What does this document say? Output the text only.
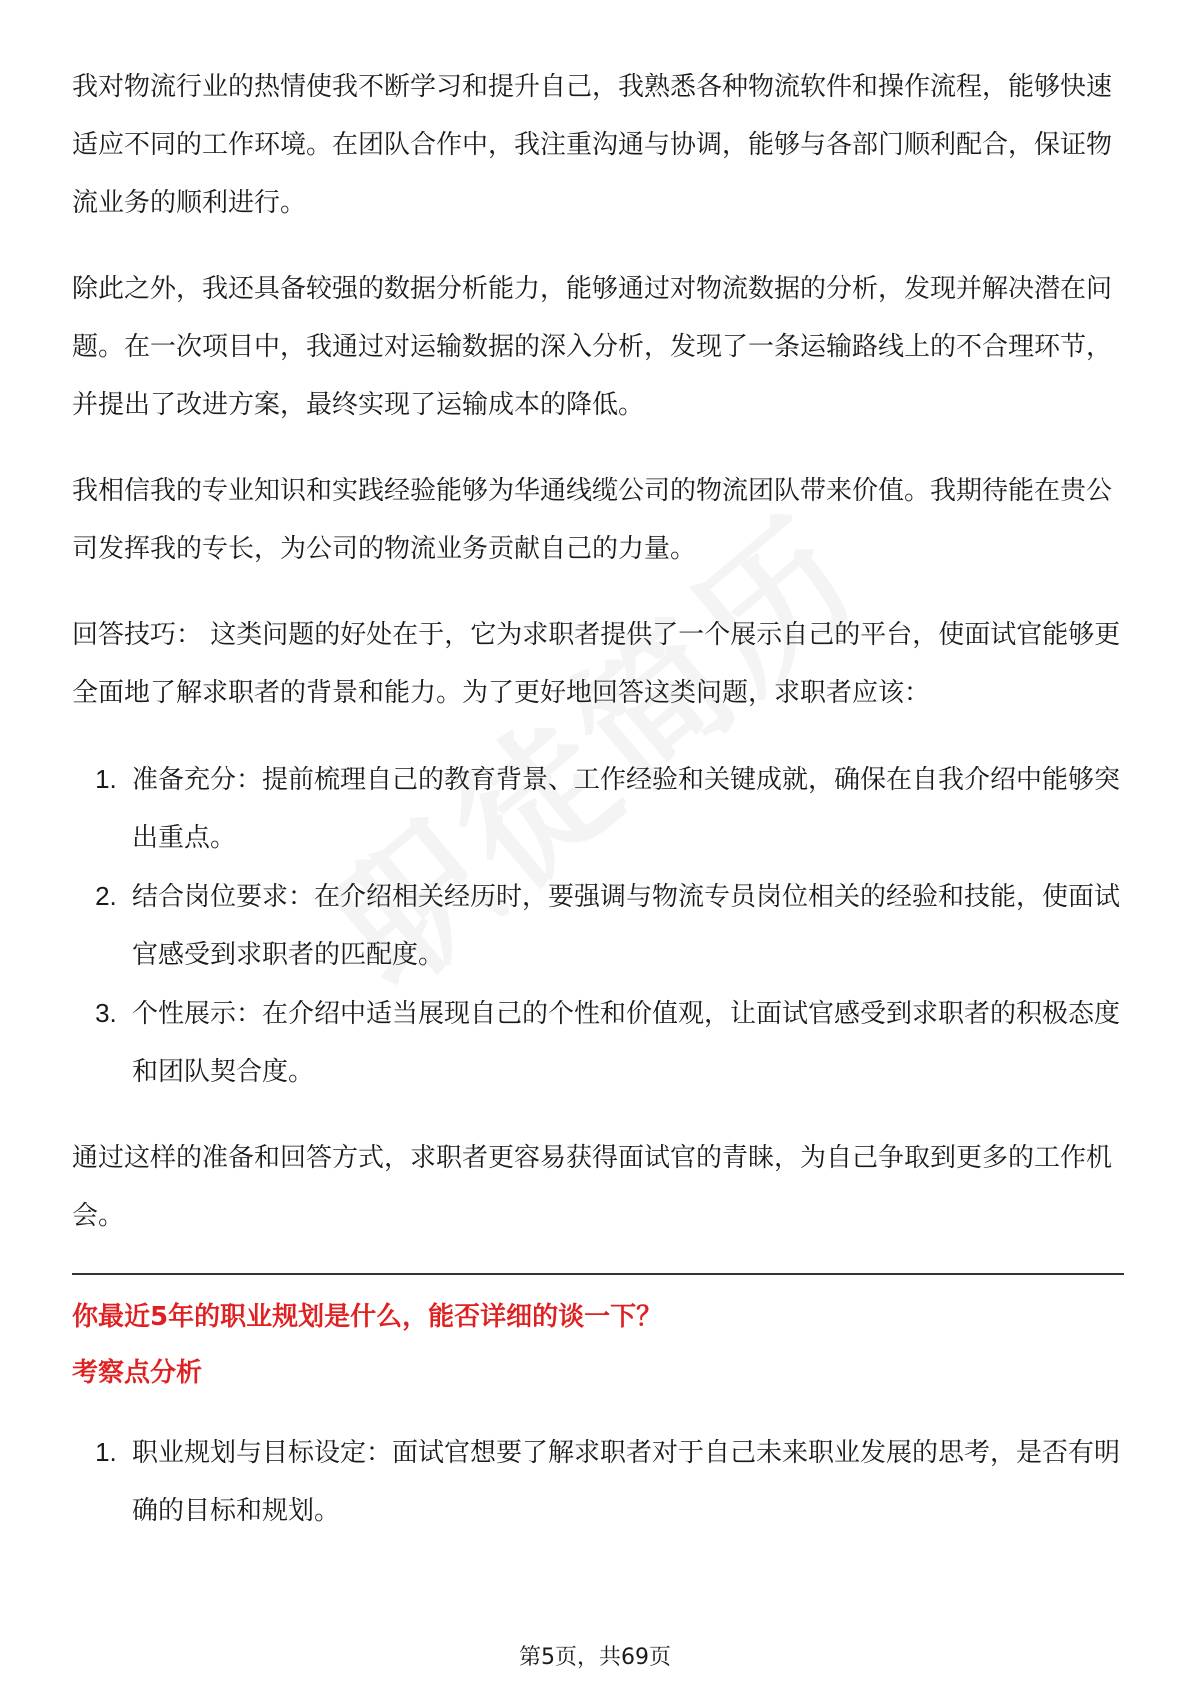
我对物流行业的热情使我不断学习和提升自己，我熟悉各种物流软件和操作流程，能够快速适应不同的工作环境。在团队合作中，我注重沟通与协调，能够与各部门顺利配合，保证物流业务的顺利进行。

除此之外，我还具备较强的数据分析能力，能够通过对物流数据的分析，发现并解决潜在问题。在一次项目中，我通过对运输数据的深入分析，发现了一条运输路线上的不合理环节，并提出了改进方案，最终实现了运输成本的降低。

我相信我的专业知识和实践经验能够为华通线缆公司的物流团队带来价值。我期待能在贵公司发挥我的专长，为公司的物流业务贡献自己的力量。

回答技巧： 这类问题的好处在于，它为求职者提供了一个展示自己的平台，使面试官能够更全面地了解求职者的背景和能力。为了更好地回答这类问题，求职者应该：

1. 准备充分：提前梳理自己的教育背景、工作经验和关键成就，确保在自我介绍中能够突出重点。
2. 结合岗位要求：在介绍相关经历时，要强调与物流专员岗位相关的经验和技能，使面试官感受到求职者的匹配度。
3. 个性展示：在介绍中适当展现自己的个性和价值观，让面试官感受到求职者的积极态度和团队契合度。

通过这样的准备和回答方式，求职者更容易获得面试官的青睐，为自己争取到更多的工作机会。

你最近5年的职业规划是什么，能否详细的谈一下？

考察点分析

1. 职业规划与目标设定：面试官想要了解求职者对于自己未来职业发展的思考，是否有明确的目标和规划。
第5页，共69页
